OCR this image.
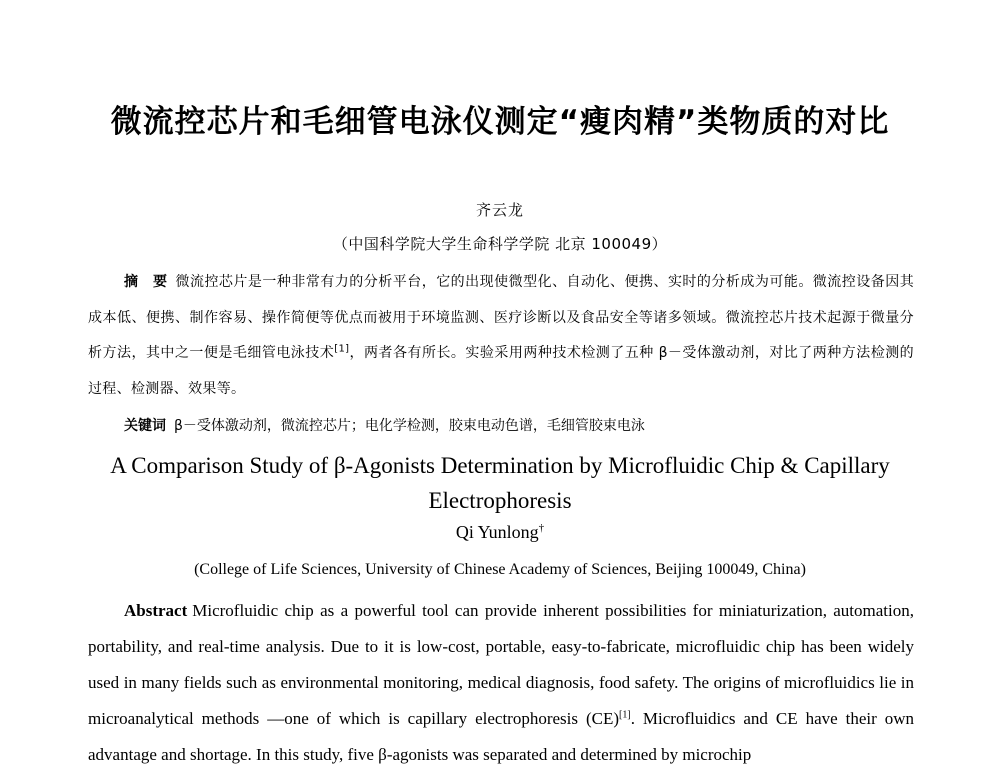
微流控芯片和毛细管电泳仪测定“瘦肉精”类物质的对比
齐云龙
（中国科学院大学生命科学学院 北京 100049）
摘　要 微流控芯片是一种非常有力的分析平台，它的出现使微型化、自动化、便携、实时的分析成为可能。微流控设备因其成本低、便携、制作容易、操作简便等优点而被用于环境监测、医疗诊断以及食品安全等诸多领域。微流控芯片技术起源于微量分析方法，其中之一便是毛细管电泳技术[1]，两者各有所长。实验采用两种技术检测了五种 β－受体激动剂，对比了两种方法检测的过程、检测器、效果等。
关键词 β－受体激动剂，微流控芯片；电化学检测，胶束电动色谱，毛细管胶束电泳
A Comparison Study of β-Agonists Determination by Microfluidic Chip & Capillary Electrophoresis
Qi Yunlong†
(College of Life Sciences, University of Chinese Academy of Sciences, Beijing 100049, China)
Abstract Microfluidic chip as a powerful tool can provide inherent possibilities for miniaturization, automation, portability, and real-time analysis. Due to it is low-cost, portable, easy-to-fabricate, microfluidic chip has been widely used in many fields such as environmental monitoring, medical diagnosis, food safety. The origins of microfluidics lie in microanalytical methods —one of which is capillary electrophoresis (CE)[1]. Microfluidics and CE have their own advantage and shortage. In this study, five β-agonists was separated and determined by microchip
